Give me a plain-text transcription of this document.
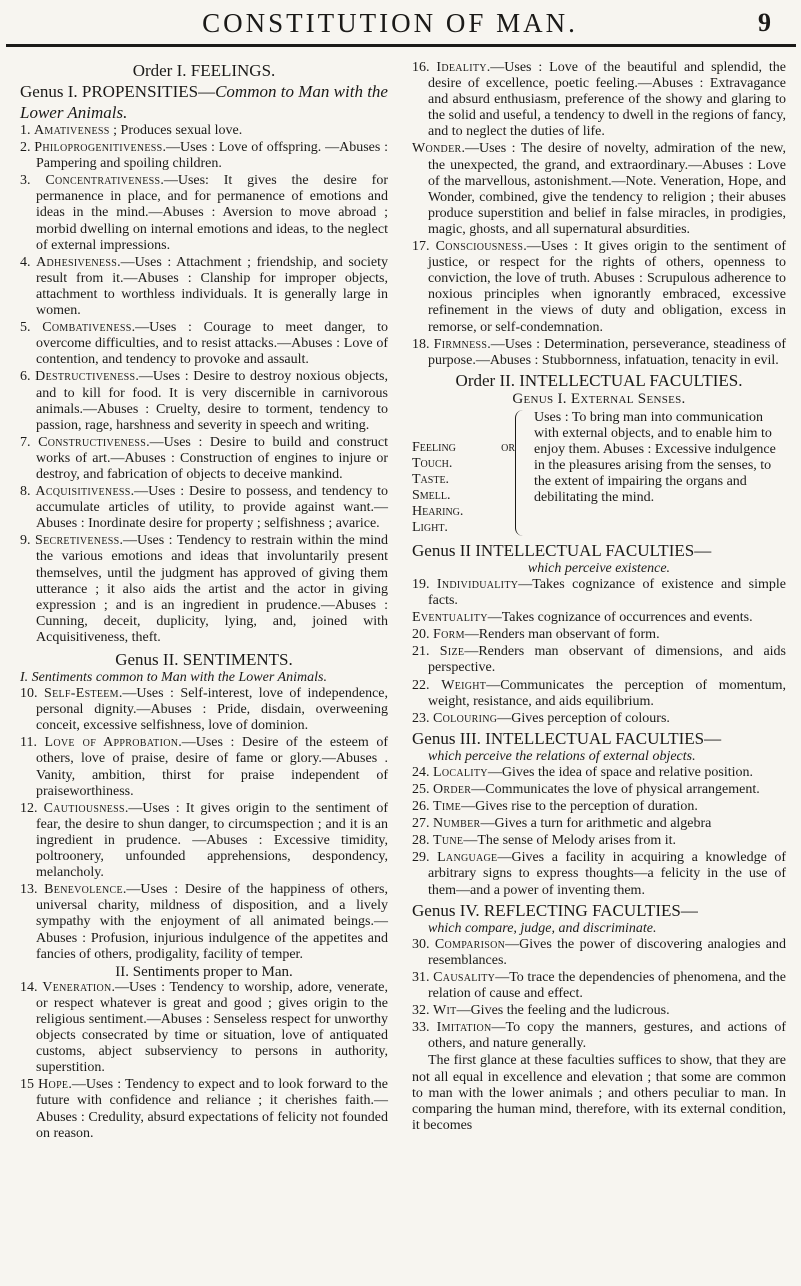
CONSTITUTION OF MAN.	9

Order I. FEELINGS.

Genus I. PROPENSITIES—Common to Man with the Lower Animals.

1. Amativeness ; Produces sexual love.

2. Philoprogenitiveness.—Uses : Love of offspring. —Abuses : Pampering and spoiling children.

3. Concentrativeness.—Uses: It gives the desire for permanence in place, and for permanence of emotions and ideas in the mind.—Abuses : Aversion to move abroad ; morbid dwelling on internal emotions and ideas, to the neglect of external impressions.

4. Adhesiveness.—Uses : Attachment ; friendship, and society result from it.—Abuses : Clanship for improper objects, attachment to worthless individuals. It is generally large in women.

5. Combativeness.—Uses : Courage to meet danger, to overcome difficulties, and to resist attacks.—Abuses : Love of contention, and tendency to provoke and assault.

6. Destructiveness.—Uses : Desire to destroy noxious objects, and to kill for food. It is very discernible in carnivorous animals.—Abuses : Cruelty, desire to torment, tendency to passion, rage, harshness and severity in speech and writing.

7. Constructiveness.—Uses : Desire to build and construct works of art.—Abuses : Construction of engines to injure or destroy, and fabrication of objects to deceive mankind.

8. Acquisitiveness.—Uses : Desire to possess, and tendency to accumulate articles of utility, to provide against want.—Abuses : Inordinate desire for property ; selfishness ; avarice.

9. Secretiveness.—Uses : Tendency to restrain within the mind the various emotions and ideas that involuntarily present themselves, until the judgment has approved of giving them utterance ; it also aids the artist and the actor in giving expression ; and is an ingredient in prudence.—Abuses : Cunning, deceit, duplicity, lying, and, joined with Acquisitiveness, theft.

Genus II. SENTIMENTS.

I. Sentiments common to Man with the Lower Animals.

10. Self-Esteem.—Uses : Self-interest, love of independence, personal dignity.—Abuses : Pride, disdain, overweening conceit, excessive selfishness, love of dominion.

11. Love of Approbation.—Uses : Desire of the esteem of others, love of praise, desire of fame or glory.—Abuses . Vanity, ambition, thirst for praise independent of praiseworthiness.

12. Cautiousness.—Uses : It gives origin to the sentiment of fear, the desire to shun danger, to circumspection ; and it is an ingredient in prudence. —Abuses : Excessive timidity, poltroonery, unfounded apprehensions, despondency, melancholy.

13. Benevolence.—Uses : Desire of the happiness of others, universal charity, mildness of disposition, and a lively sympathy with the enjoyment of all animated beings.—Abuses : Profusion, injurious indulgence of the appetites and fancies of others, prodigality, facility of temper.

II. Sentiments proper to Man.

14. Veneration.—Uses : Tendency to worship, adore, venerate, or respect whatever is great and good ; gives origin to the religious sentiment.—Abuses : Senseless respect for unworthy objects consecrated by time or situation, love of antiquated customs, abject subserviency to persons in authority, superstition.

15 Hope.—Uses : Tendency to expect and to look forward to the future with confidence and reliance ; it cherishes faith.—Abuses : Credulity, absurd expectations of felicity not founded on reason.

16. Ideality.—Uses : Love of the beautiful and splendid, the desire of excellence, poetic feeling.—Abuses : Extravagance and absurd enthusiasm, preference of the showy and glaring to the solid and useful, a tendency to dwell in the regions of fancy, and to neglect the duties of life.

Wonder.—Uses : The desire of novelty, admiration of the new, the unexpected, the grand, and extraordinary.—Abuses : Love of the marvellous, astonishment.—Note. Veneration, Hope, and Wonder, combined, give the tendency to religion ; their abuses produce superstition and belief in false miracles, in prodigies, magic, ghosts, and all supernatural absurdities.

17. Consciousness.—Uses : It gives origin to the sentiment of justice, or respect for the rights of others, openness to conviction, the love of truth. Abuses : Scrupulous adherence to noxious principles when ignorantly embraced, excessive refinement in the views of duty and obligation, excess in remorse, or self-condemnation.

18. Firmness.—Uses : Determination, perseverance, steadiness of purpose.—Abuses : Stubbornness, infatuation, tenacity in evil.

Order II. INTELLECTUAL FACULTIES.

Genus I. External Senses.

Feeling or Touch.
Taste.
Smell.
Hearing.
Light.
Uses : To bring man into communication with external objects, and to enable him to enjoy them. Abuses : Excessive indulgence in the pleasures arising from the senses, to the extent of impairing the organs and debilitating the mind.

Genus II INTELLECTUAL FACULTIES—

which perceive existence.

19. Individuality—Takes cognizance of existence and simple facts.

Eventuality—Takes cognizance of occurrences and events.

20. Form—Renders man observant of form.

21. Size—Renders man observant of dimensions, and aids perspective.

22. Weight—Communicates the perception of momentum, weight, resistance, and aids equilibrium.

23. Colouring—Gives perception of colours.

Genus III. INTELLECTUAL FACULTIES—

which perceive the relations of external objects.

24. Locality—Gives the idea of space and relative position.

25. Order—Communicates the love of physical arrangement.

26. Time—Gives rise to the perception of duration.

27. Number—Gives a turn for arithmetic and algebra

28. Tune—The sense of Melody arises from it.

29. Language—Gives a facility in acquiring a knowledge of arbitrary signs to express thoughts—a felicity in the use of them—and a power of inventing them.

Genus IV. REFLECTING FACULTIES—

which compare, judge, and discriminate.

30. Comparison—Gives the power of discovering analogies and resemblances.

31. Causality—To trace the dependencies of phenomena, and the relation of cause and effect.

32. Wit—Gives the feeling and the ludicrous.

33. Imitation—To copy the manners, gestures, and actions of others, and nature generally.

The first glance at these faculties suffices to show, that they are not all equal in excellence and elevation ; that some are common to man with the lower animals ; and others peculiar to man. In comparing the human mind, therefore, with its external condition, it becomes
